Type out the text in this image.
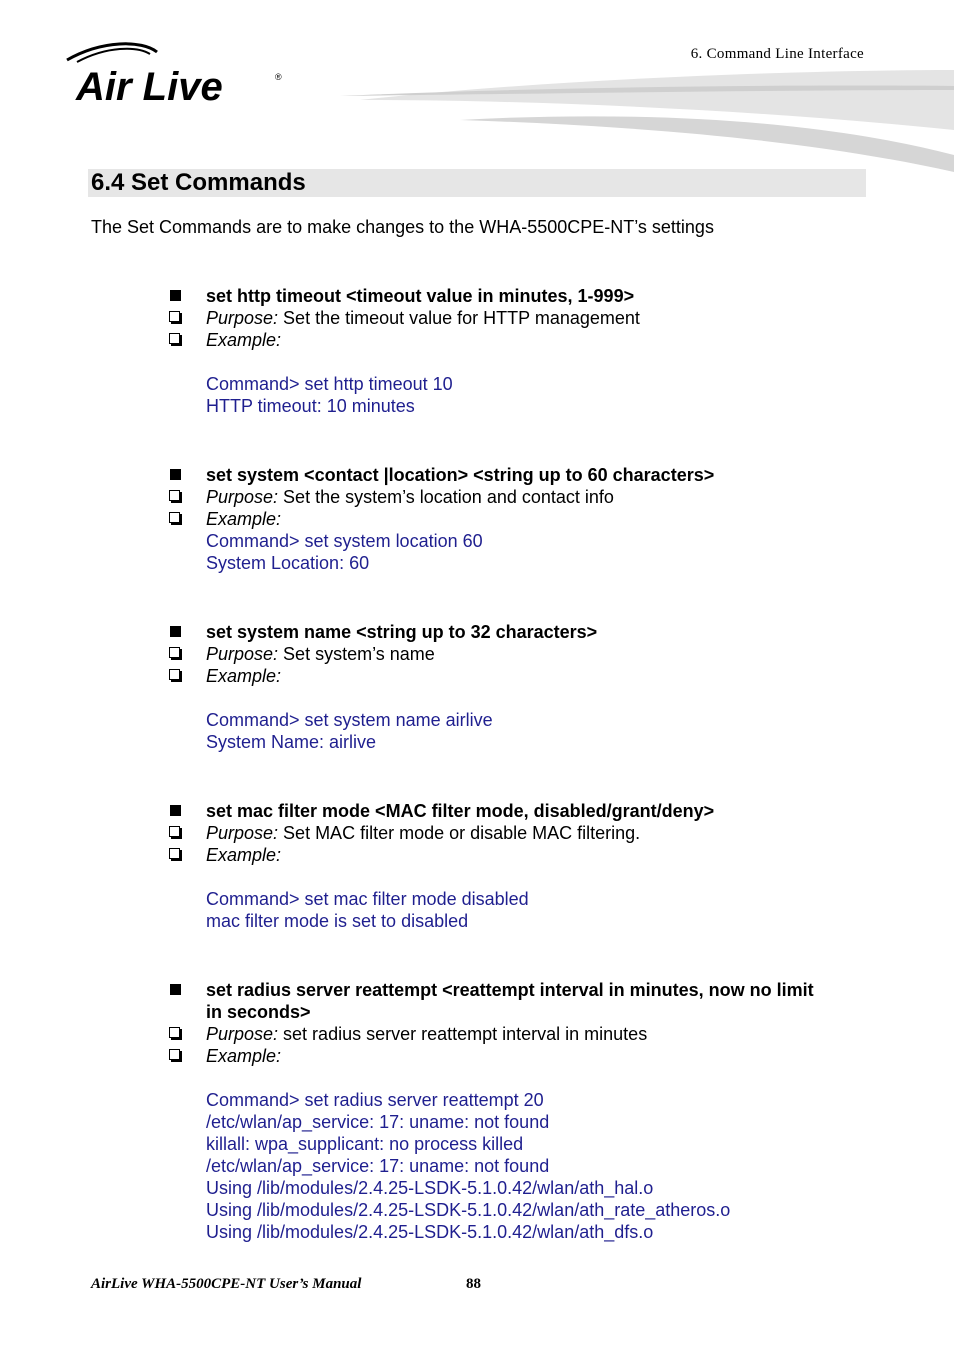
6. Command Line Interface
Air Live	®
6.4 Set Commands
The Set Commands are to make changes to the WHA-5500CPE-NT’s settings
set http timeout <timeout value in minutes, 1-999>
Purpose: Set the timeout value for HTTP management
Example:
Command> set http timeout 10
HTTP timeout: 10 minutes
set system <contact |location> <string up to 60 characters>
Purpose: Set the system’s location and contact info
Example:
Command> set system location 60
System Location: 60
set system name <string up to 32 characters>
Purpose: Set system’s name
Example:
Command> set system name airlive
System Name: airlive
set mac filter mode <MAC filter mode, disabled/grant/deny>
Purpose: Set MAC filter mode or disable MAC filtering.
Example:
Command> set mac filter mode disabled
mac filter mode is set to disabled
set radius server reattempt <reattempt interval in minutes, now no limit
in seconds>
Purpose: set radius server reattempt interval in minutes
Example:
Command> set radius server reattempt 20
/etc/wlan/ap_service: 17: uname: not found
killall: wpa_supplicant: no process killed
/etc/wlan/ap_service: 17: uname: not found
Using /lib/modules/2.4.25-LSDK-5.1.0.42/wlan/ath_hal.o
Using /lib/modules/2.4.25-LSDK-5.1.0.42/wlan/ath_rate_atheros.o
Using /lib/modules/2.4.25-LSDK-5.1.0.42/wlan/ath_dfs.o
AirLive WHA-5500CPE-NT User’s Manual	88
